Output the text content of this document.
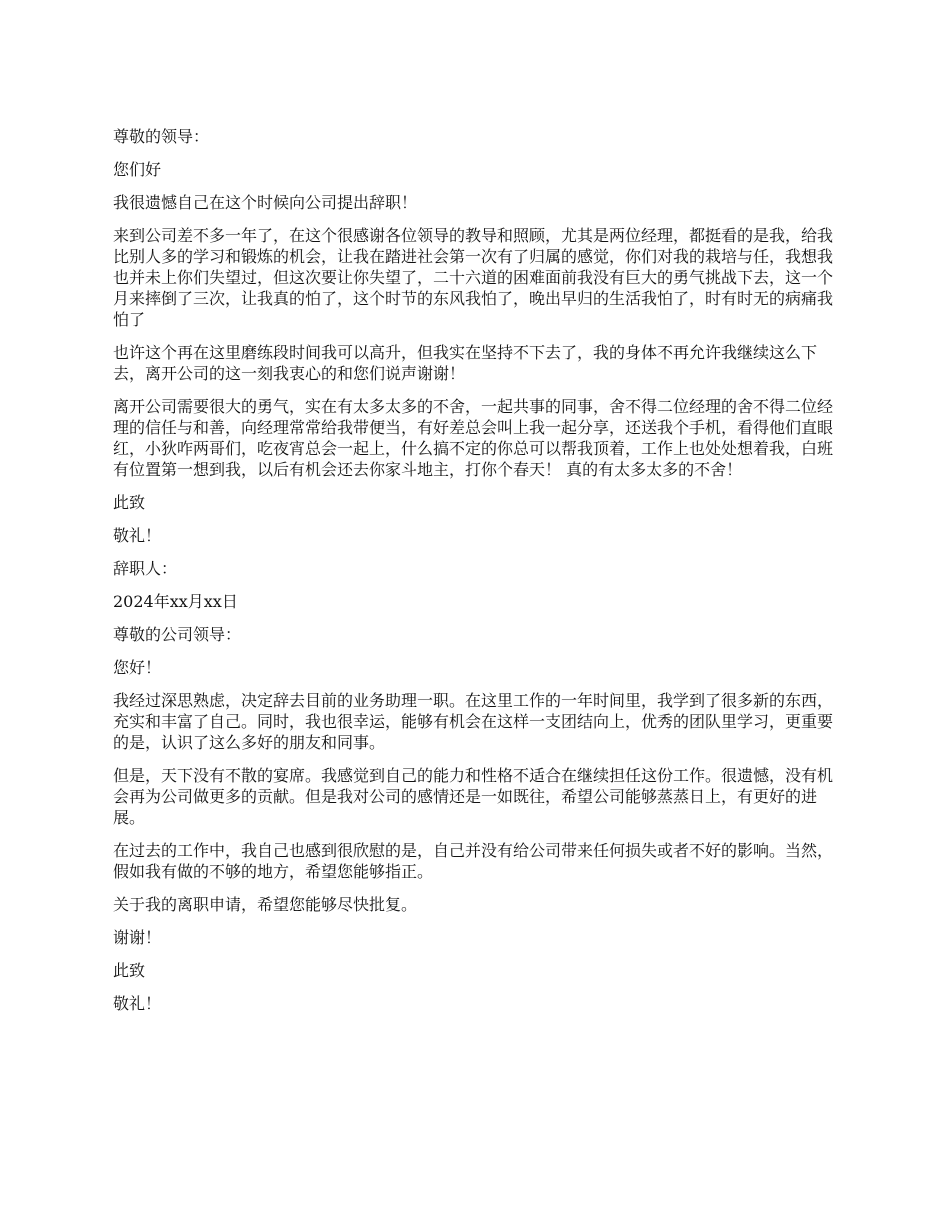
尊敬的领导：

您们好

我很遗憾自己在这个时候向公司提出辞职！

来到公司差不多一年了，在这个很感谢各位领导的教导和照顾，尤其是两位经理，都挺看的是我，给我比别人多的学习和锻炼的机会，让我在踏进社会第一次有了归属的感觉，你们对我的栽培与任，我想我也并未上你们失望过，但这次要让你失望了，二十六道的困难面前我没有巨大的勇气挑战下去，这一个月来摔倒了三次，让我真的怕了，这个时节的东风我怕了，晚出早归的生活我怕了，时有时无的病痛我怕了

也许这个再在这里磨练段时间我可以高升，但我实在坚持不下去了，我的身体不再允许我继续这么下去，离开公司的这一刻我衷心的和您们说声谢谢！

离开公司需要很大的勇气，实在有太多太多的不舍，一起共事的同事，舍不得二位经理的舍不得二位经理的信任与和善，向经理常常给我带便当，有好差总会叫上我一起分享，还送我个手机，看得他们直眼红，小狄咋两哥们，吃夜宵总会一起上，什么搞不定的你总可以帮我顶着，工作上也处处想着我，白班有位置第一想到我，以后有机会还去你家斗地主，打你个春天！ 真的有太多太多的不舍！

此致

敬礼！

辞职人：

2024年xx月xx日

尊敬的公司领导：

您好！

我经过深思熟虑，决定辞去目前的业务助理一职。在这里工作的一年时间里，我学到了很多新的东西，充实和丰富了自己。同时，我也很幸运，能够有机会在这样一支团结向上，优秀的团队里学习，更重要的是，认识了这么多好的朋友和同事。

但是，天下没有不散的宴席。我感觉到自己的能力和性格不适合在继续担任这份工作。很遗憾，没有机会再为公司做更多的贡献。但是我对公司的感情还是一如既往，希望公司能够蒸蒸日上，有更好的进展。

在过去的工作中，我自己也感到很欣慰的是，自己并没有给公司带来任何损失或者不好的影响。当然，假如我有做的不够的地方，希望您能够指正。

关于我的离职申请，希望您能够尽快批复。

谢谢！

此致

敬礼！
